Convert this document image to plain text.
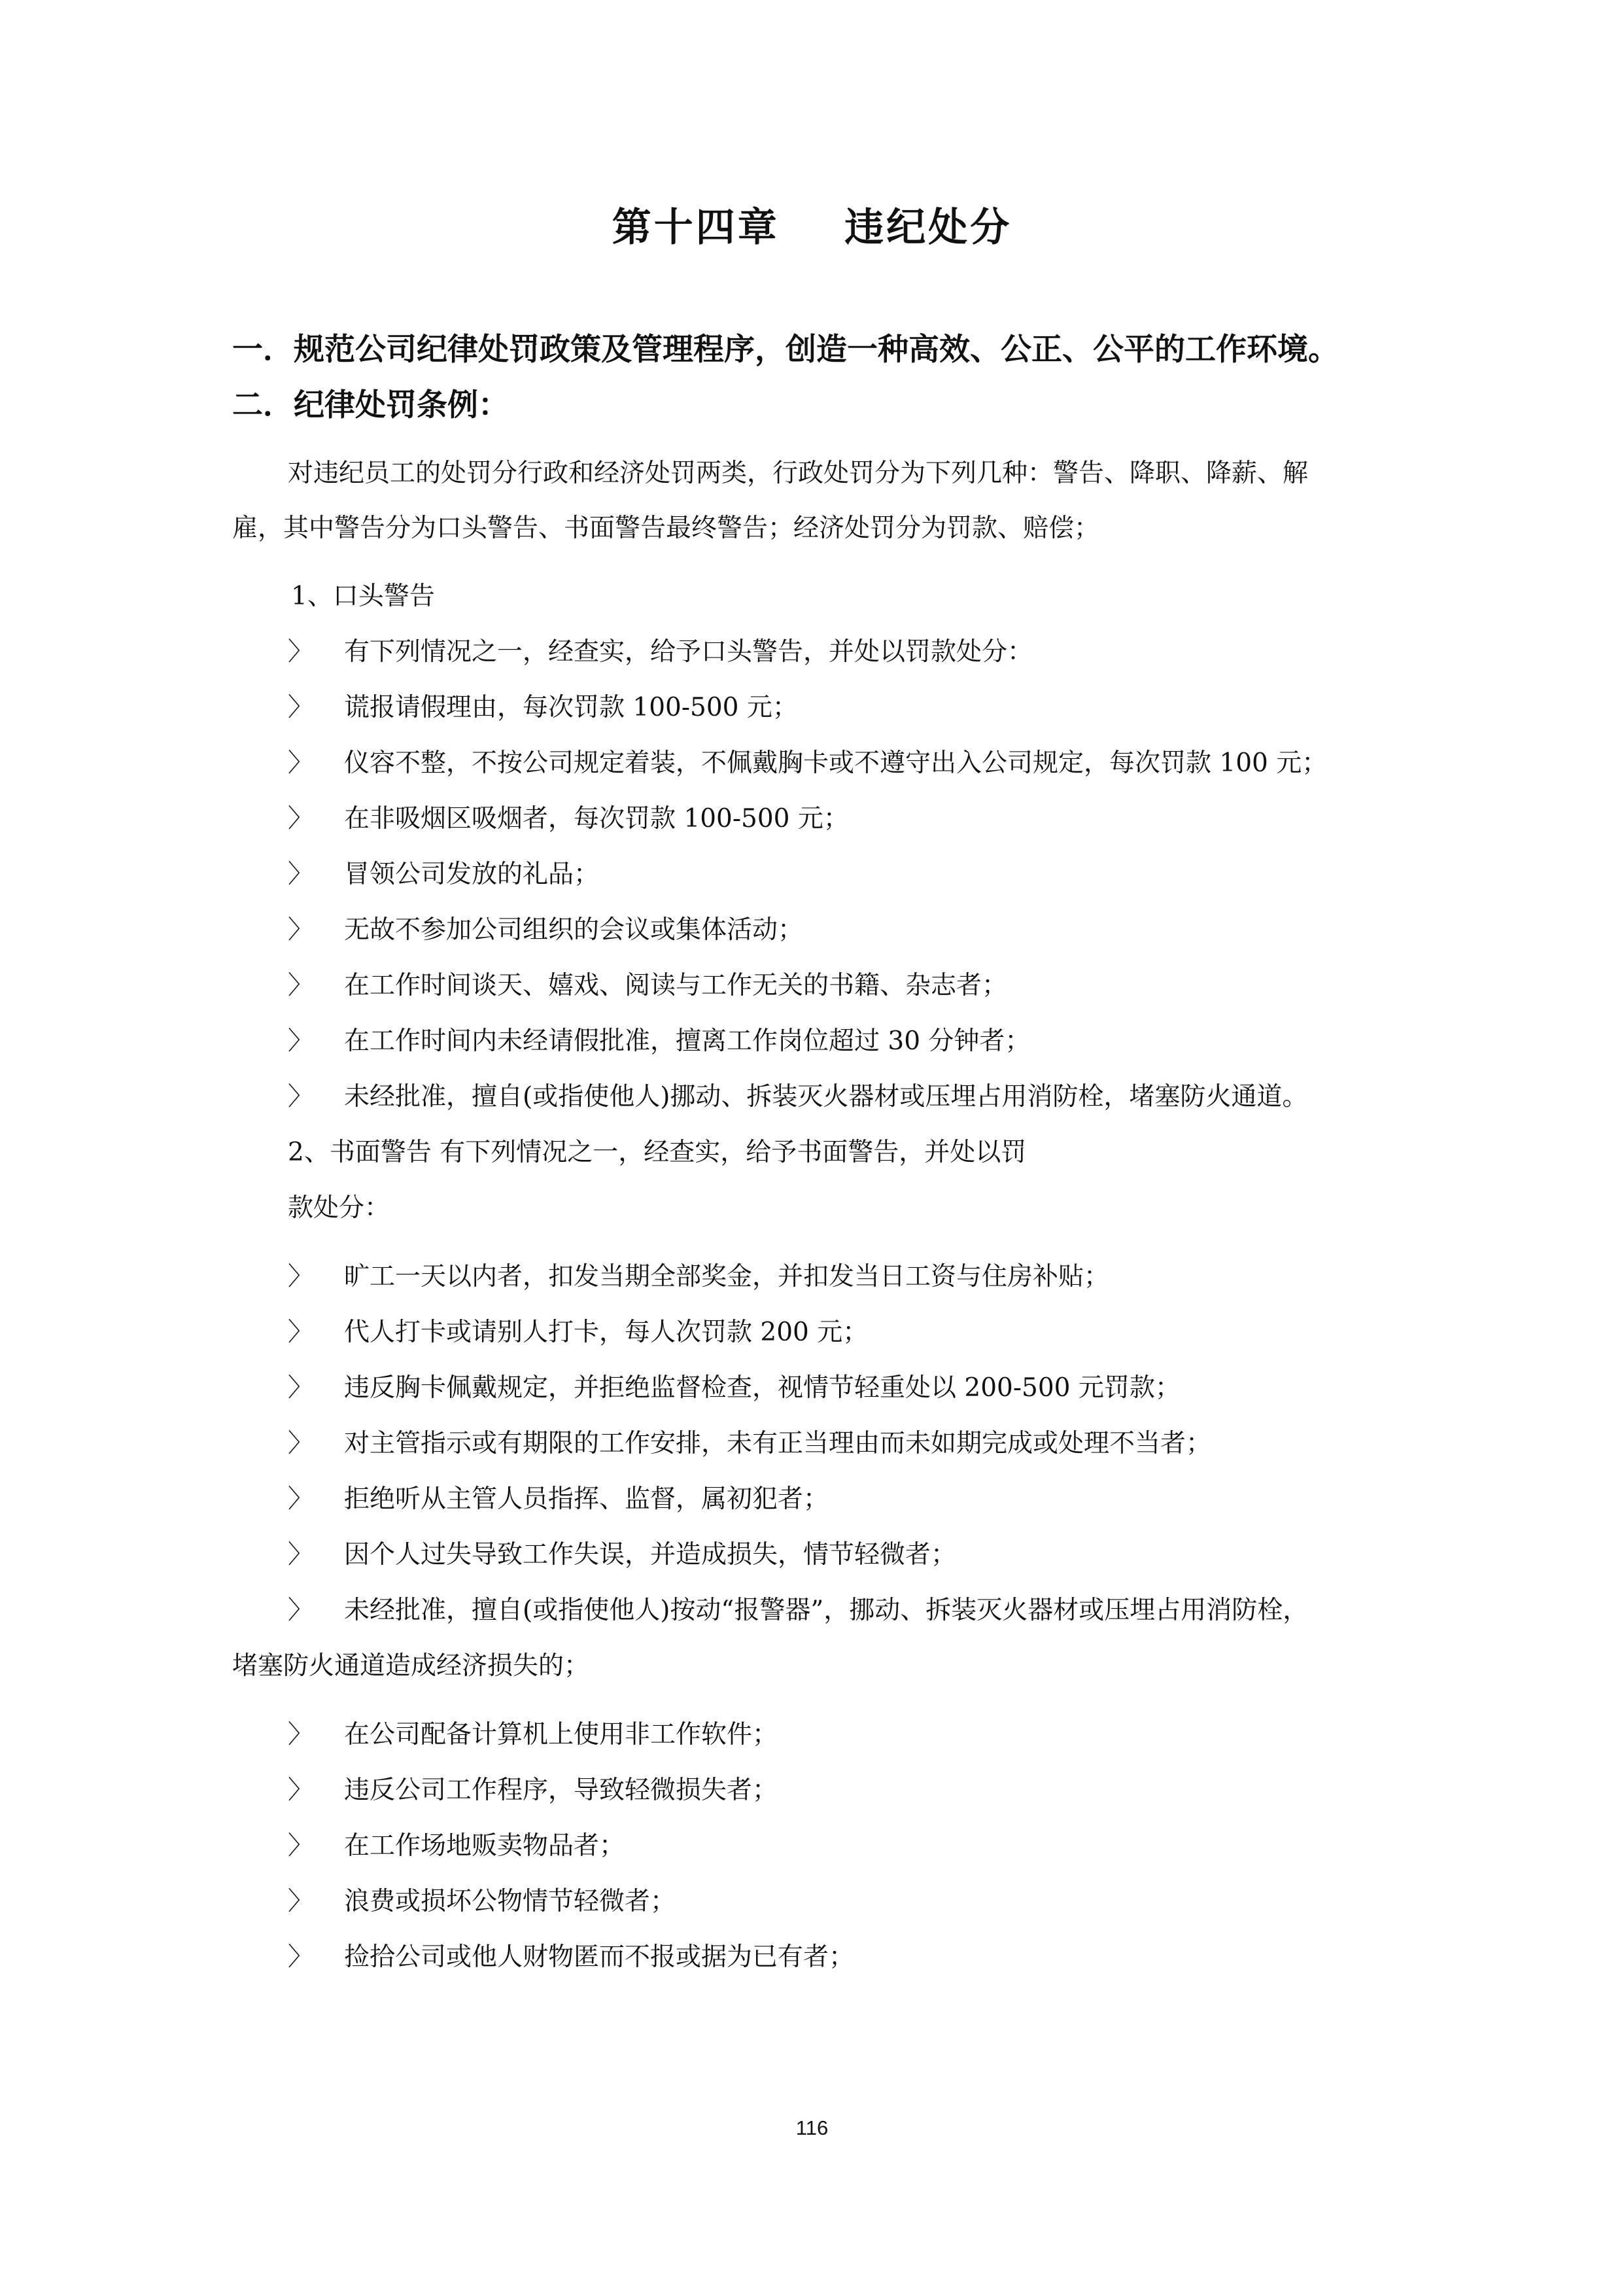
第十四章    违纪处分
一．规范公司纪律处罚政策及管理程序，创造一种高效、公正、公平的工作环境。
二．纪律处罚条例：
对违纪员工的处罚分行政和经济处罚两类，行政处罚分为下列几种：警告、降职、降薪、解
雇，其中警告分为口头警告、书面警告最终警告；经济处罚分为罚款、赔偿；
1、口头警告
〉 有下列情况之一，经查实，给予口头警告，并处以罚款处分：
〉 谎报请假理由，每次罚款 100-500 元；
〉 仪容不整，不按公司规定着装，不佩戴胸卡或不遵守出入公司规定，每次罚款 100 元；
〉 在非吸烟区吸烟者，每次罚款 100-500 元；
〉 冒领公司发放的礼品；
〉 无故不参加公司组织的会议或集体活动；
〉 在工作时间谈天、嬉戏、阅读与工作无关的书籍、杂志者；
〉 在工作时间内未经请假批准，擅离工作岗位超过 30 分钟者；
〉 未经批准，擅自(或指使他人)挪动、拆装灭火器材或压埋占用消防栓，堵塞防火通道。
2、书面警告 有下列情况之一，经查实，给予书面警告，并处以罚
款处分：
〉 旷工一天以内者，扣发当期全部奖金，并扣发当日工资与住房补贴；
〉 代人打卡或请别人打卡，每人次罚款 200 元；
〉 违反胸卡佩戴规定，并拒绝监督检查，视情节轻重处以 200-500 元罚款；
〉 对主管指示或有期限的工作安排，未有正当理由而未如期完成或处理不当者；
〉 拒绝听从主管人员指挥、监督，属初犯者；
〉 因个人过失导致工作失误，并造成损失，情节轻微者；
〉 未经批准，擅自(或指使他人)按动“报警器”，挪动、拆装灭火器材或压埋占用消防栓，
堵塞防火通道造成经济损失的；
〉 在公司配备计算机上使用非工作软件；
〉 违反公司工作程序，导致轻微损失者；
〉 在工作场地贩卖物品者；
〉 浪费或损坏公物情节轻微者；
〉 捡拾公司或他人财物匿而不报或据为已有者；
116
